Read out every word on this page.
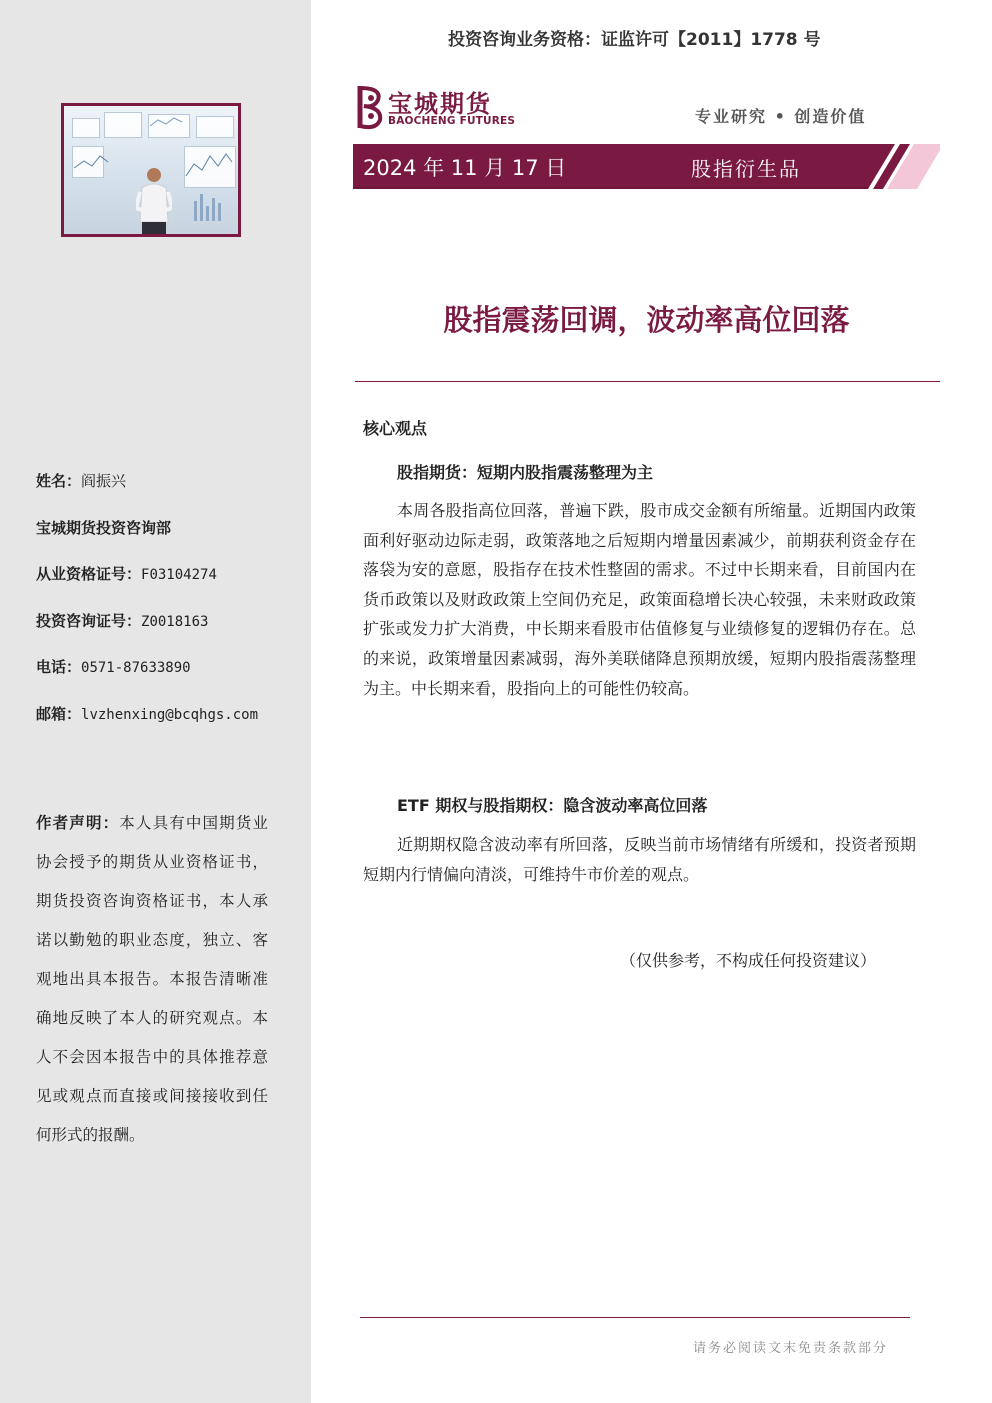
姓名：阎振兴
宝城期货投资咨询部
从业资格证号：F03104274
投资咨询证号：Z0018163
电话：0571-87633890
邮箱：lvzhenxing@bcqhgs.com
作者声明：本人具有中国期货业协会授予的期货从业资格证书，期货投资咨询资格证书，本人承诺以勤勉的职业态度，独立、客观地出具本报告。本报告清晰准确地反映了本人的研究观点。本人不会因本报告中的具体推荐意见或观点而直接或间接接收到任何形式的报酬。
投资咨询业务资格：证监许可【2011】1778 号
宝城期货
BAOCHENG FUTURES	专业研究 • 创造价值
2024 年 11 月 17 日	股指衍生品
股指震荡回调，波动率高位回落
核心观点
股指期货：短期内股指震荡整理为主
本周各股指高位回落，普遍下跌，股市成交金额有所缩量。近期国内政策面利好驱动边际走弱，政策落地之后短期内增量因素减少，前期获利资金存在落袋为安的意愿，股指存在技术性整固的需求。不过中长期来看，目前国内在货币政策以及财政政策上空间仍充足，政策面稳增长决心较强，未来财政政策扩张或发力扩大消费，中长期来看股市估值修复与业绩修复的逻辑仍存在。总的来说，政策增量因素减弱，海外美联储降息预期放缓，短期内股指震荡整理为主。中长期来看，股指向上的可能性仍较高。
ETF 期权与股指期权：隐含波动率高位回落
近期期权隐含波动率有所回落，反映当前市场情绪有所缓和，投资者预期短期内行情偏向清淡，可维持牛市价差的观点。
（仅供参考，不构成任何投资建议）
请务必阅读文末免责条款部分
